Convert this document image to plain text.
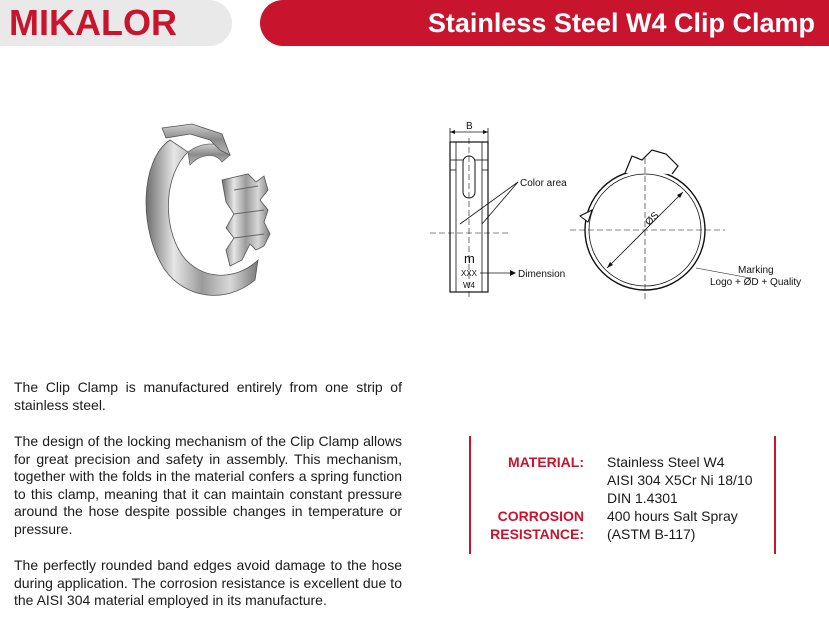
MIKALOR	Stainless Steel W4 Clip Clamp
B
m
XXX
W4
Color area
Dimension
ØS
Marking
Logo + ØD + Quality

The Clip Clamp is manufactured entirely from one strip of stainless steel.

The design of the locking mechanism of the Clip Clamp allows for great precision and safety in assembly. This mechanism, together with the folds in the material confers a spring function to this clamp, meaning that it can maintain constant pressure around the hose despite possible changes in temperature or pressure.

The perfectly rounded band edges avoid damage to the hose during application. The corrosion resistance is excellent due to the AISI 304 material employed in its manufacture.

MATERIAL: Stainless Steel W4
AISI 304 X5Cr Ni 18/10
DIN 1.4301
CORROSION
RESISTANCE:
400 hours Salt Spray
(ASTM B-117)
